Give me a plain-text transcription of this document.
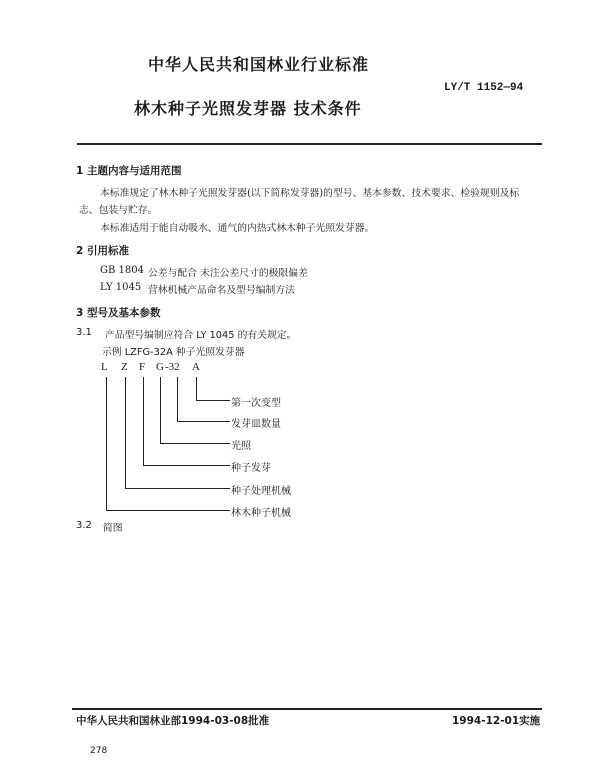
中华人民共和国林业行业标准
LY/T 1152—94
林木种子光照发芽器 技术条件
1 主题内容与适用范围
本标准规定了林木种子光照发芽器(以下简称发芽器)的型号、基本参数、技术要求、检验规则及标
志、包装与贮存。
本标准适用于能自动吸水、通气的内热式林木种子光照发芽器。
2 引用标准
GB 1804 公差与配合 未注公差尺寸的极限偏差
LY 1045 营林机械产品命名及型号编制方法
3 型号及基本参数
3.1 产品型号编制应符合 LY 1045 的有关规定。
示例 LZFG-32A 种子光照发芽器
L Z F G -32 A
第一次变型
发芽皿数量
光照
种子发芽
种子处理机械
林木种子机械
3.2 简图
中华人民共和国林业部1994-03-08批准	1994-12-01实施
278
